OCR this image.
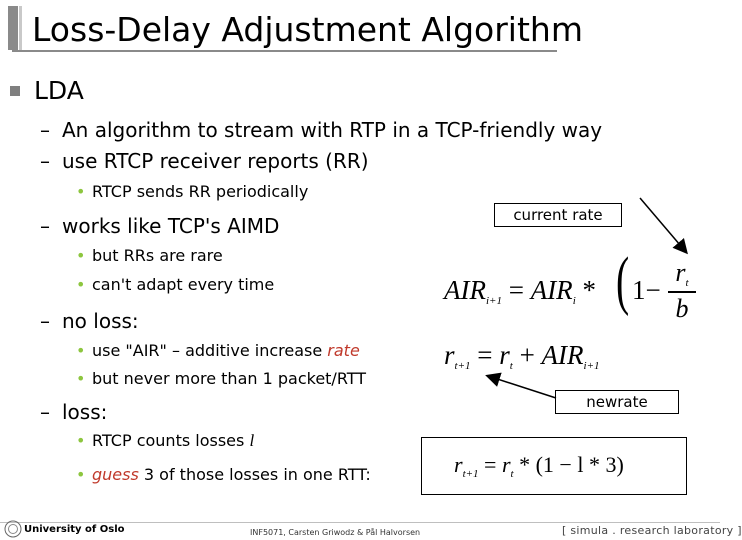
Loss-Delay Adjustment Algorithm
LDA
– An algorithm to stream with RTP in a TCP-friendly way
– use RTCP receiver reports (RR)
• RTCP sends RR periodically
– works like TCP's AIMD
• but RRs are rare
• can't adapt every time
– no loss:
• use "AIR" – additive increase rate
• but never more than 1 packet/RTT
– loss:
• RTCP counts losses l
• guess 3 of those losses in one RTT:
current rate
newrate
$AIR_{i+1} = AIR_i$ * ( 1−
$r_t$
b
$r_{t+1} = r_t + AIR_{i+1}$
$r_{t+1} = r_t * (1 - l * 3)$
University of Oslo	INF5071, Carsten Griwodz & Pål Halvorsen	[ simula . research laboratory ]
